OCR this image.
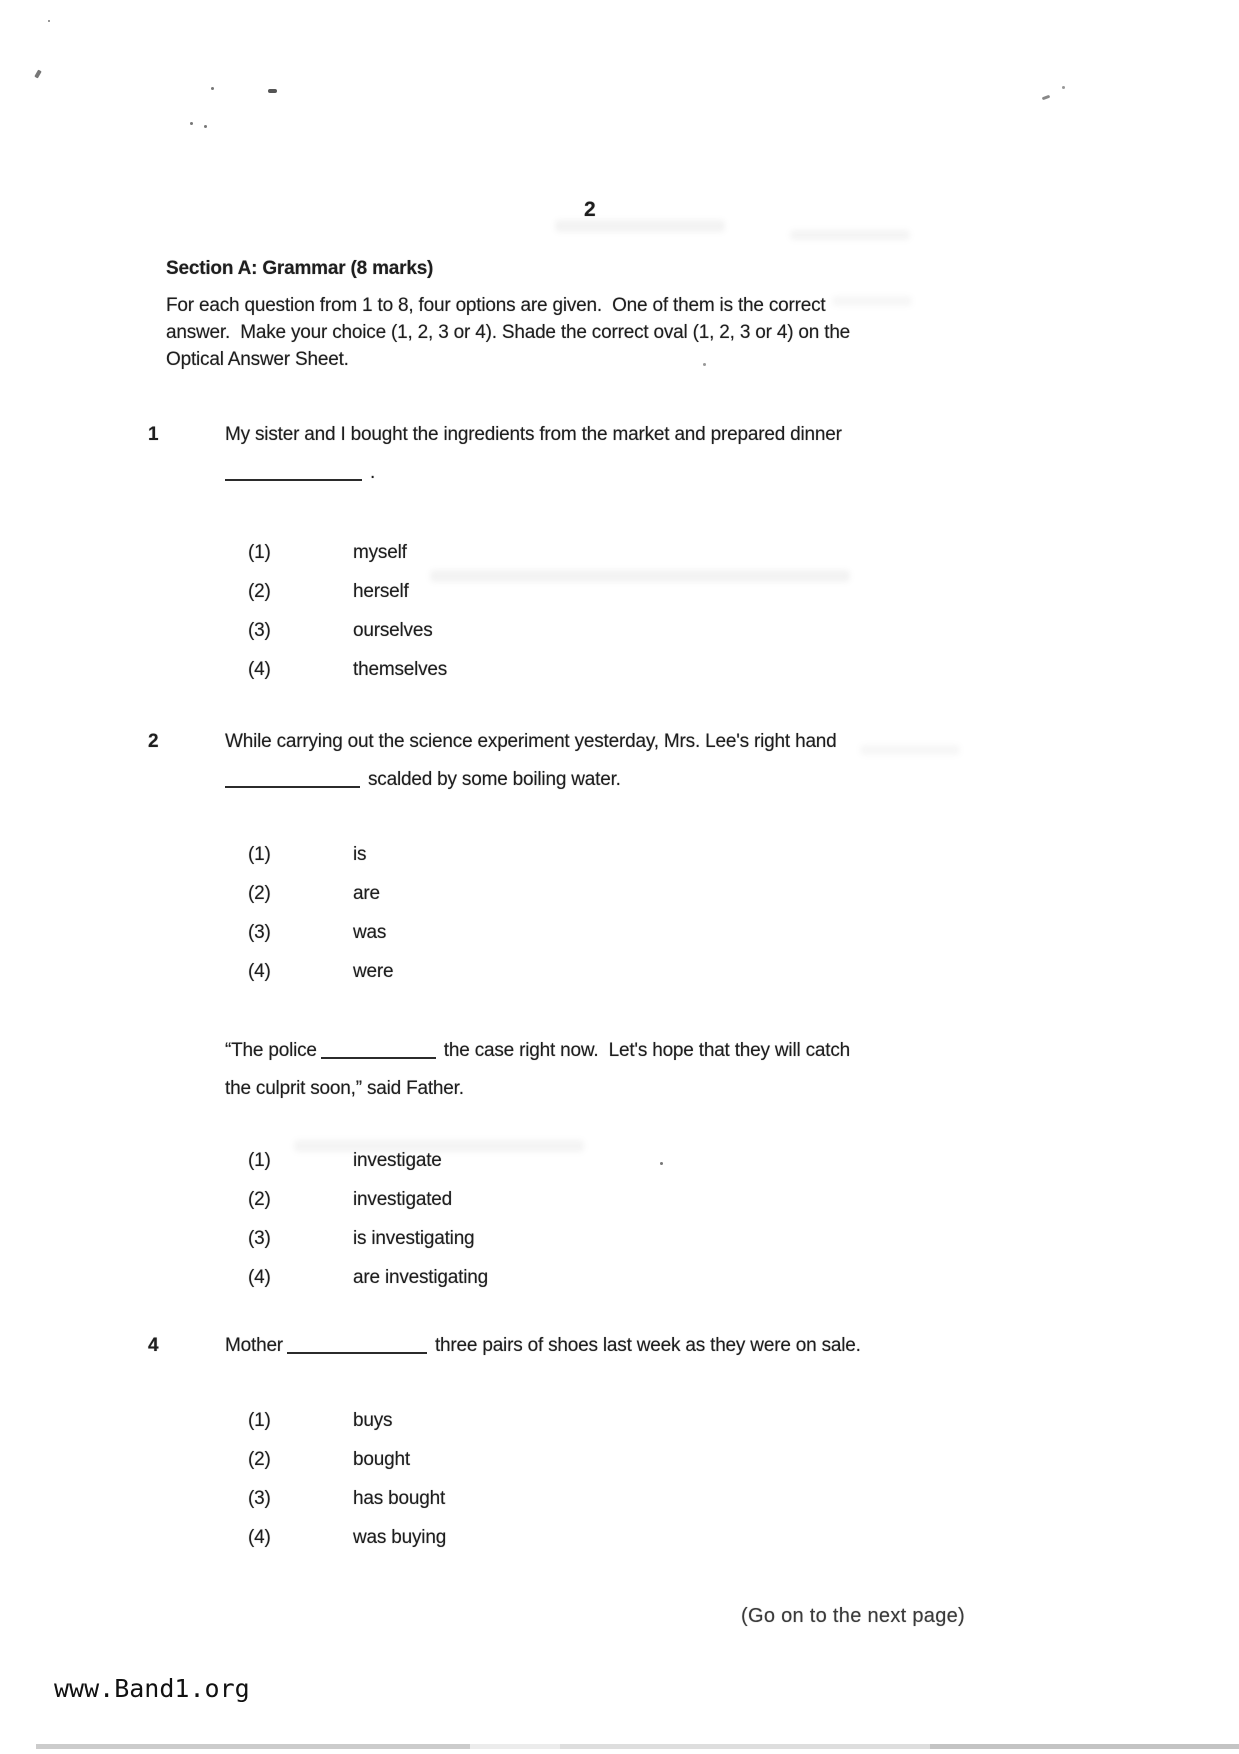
2
Section A: Grammar (8 marks)
For each question from 1 to 8, four options are given.  One of them is the correct
answer.  Make your choice (1, 2, 3 or 4). Shade the correct oval (1, 2, 3 or 4) on the
Optical Answer Sheet.
1	My sister and I bought the ingredients from the market and prepared dinner
.
(1)	myself
(2)	herself
(3)	ourselves
(4)	themselves
2	While carrying out the science experiment yesterday, Mrs. Lee's right hand
scalded by some boiling water.
(1)	is
(2)	are
(3)	was
(4)	were
“The police	the case right now.  Let's hope that they will catch
the culprit soon,” said Father.
(1)	investigate
(2)	investigated
(3)	is investigating
(4)	are investigating
4	Mother	three pairs of shoes last week as they were on sale.
(1)	buys
(2)	bought
(3)	has bought
(4)	was buying
(Go on to the next page)
www.Band1.org
